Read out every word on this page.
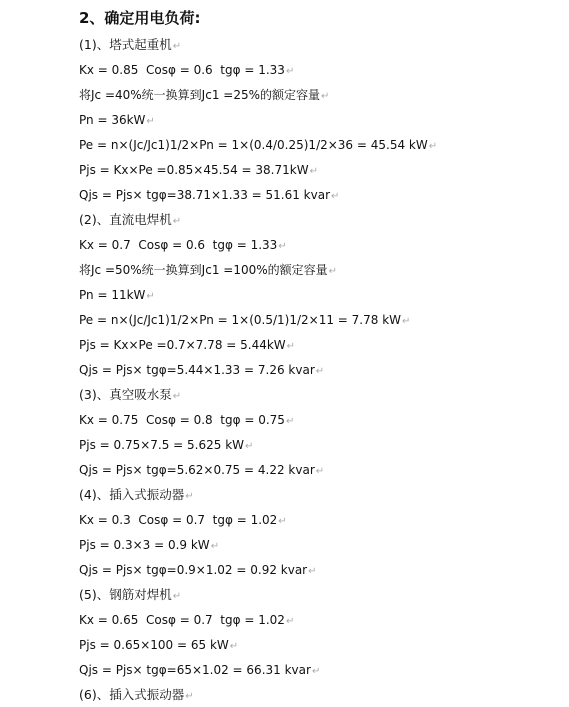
2、确定用电负荷:
(1)、塔式起重机↵
Kx = 0.85  Cosφ = 0.6  tgφ = 1.33↵
将Jc =40%统一换算到Jc1 =25%的额定容量↵
Pn = 36kW↵
Pe = n×(Jc/Jc1)1/2×Pn = 1×(0.4/0.25)1/2×36 = 45.54 kW↵
Pjs = Kx×Pe =0.85×45.54 = 38.71kW↵
Qjs = Pjs× tgφ=38.71×1.33 = 51.61 kvar↵
(2)、直流电焊机↵
Kx = 0.7  Cosφ = 0.6  tgφ = 1.33↵
将Jc =50%统一换算到Jc1 =100%的额定容量↵
Pn = 11kW↵
Pe = n×(Jc/Jc1)1/2×Pn = 1×(0.5/1)1/2×11 = 7.78 kW↵
Pjs = Kx×Pe =0.7×7.78 = 5.44kW↵
Qjs = Pjs× tgφ=5.44×1.33 = 7.26 kvar↵
(3)、真空吸水泵↵
Kx = 0.75  Cosφ = 0.8  tgφ = 0.75↵
Pjs = 0.75×7.5 = 5.625 kW↵
Qjs = Pjs× tgφ=5.62×0.75 = 4.22 kvar↵
(4)、插入式振动器↵
Kx = 0.3  Cosφ = 0.7  tgφ = 1.02↵
Pjs = 0.3×3 = 0.9 kW↵
Qjs = Pjs× tgφ=0.9×1.02 = 0.92 kvar↵
(5)、钢筋对焊机↵
Kx = 0.65  Cosφ = 0.7  tgφ = 1.02↵
Pjs = 0.65×100 = 65 kW↵
Qjs = Pjs× tgφ=65×1.02 = 66.31 kvar↵
(6)、插入式振动器↵
